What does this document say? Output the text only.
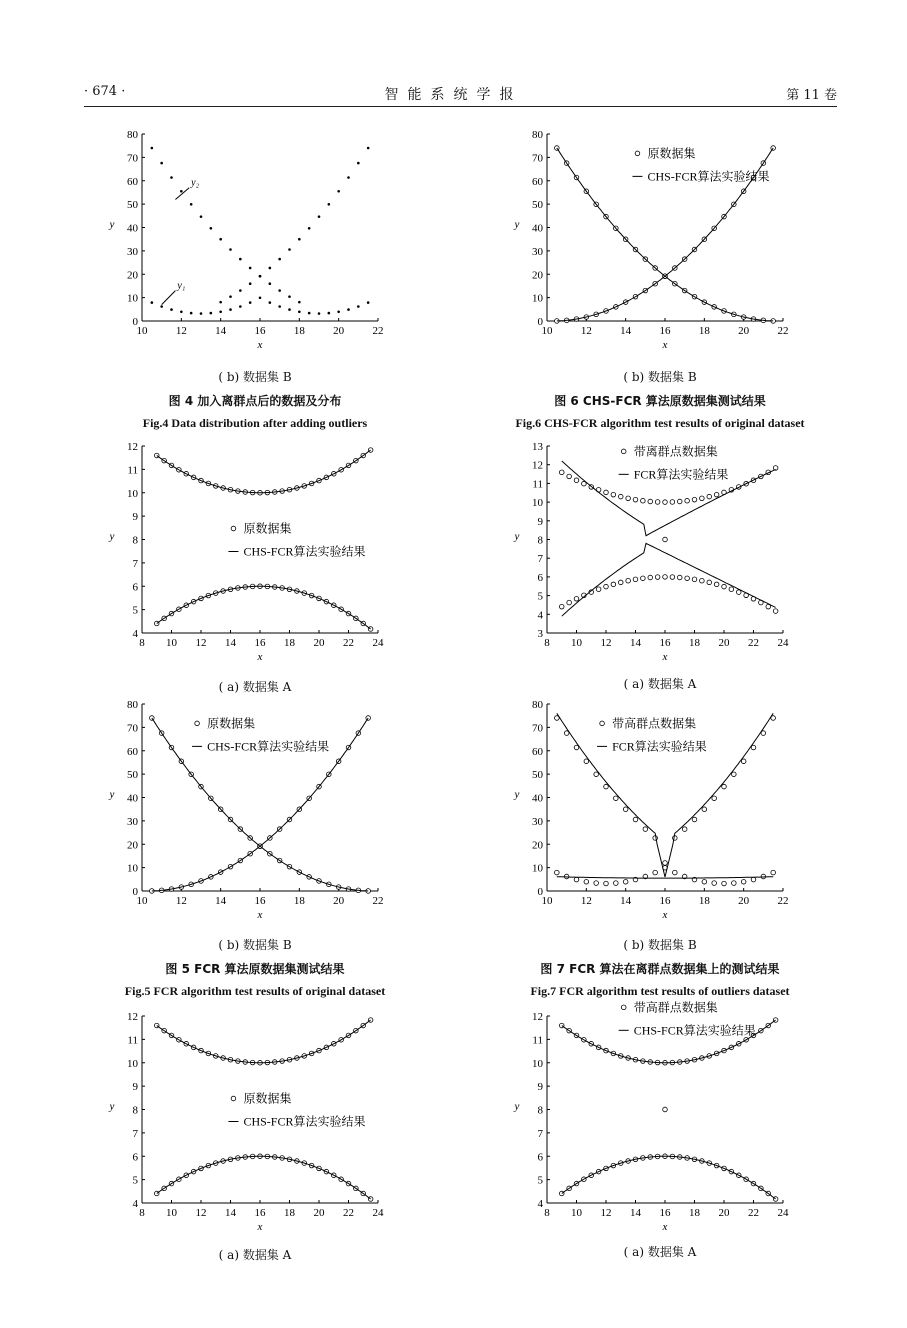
· 674 ·	智能系统学报	第 11 卷
10	12	14	16	18	20	22
0
10
20
30
40
50
60
70
80
x
y
y₂
y₁
10	12	14	16	18	20	22
0
10
20
30
40
50
60
70
80
x
y
原数据集
CHS-FCR算法实验结果
8 10 12 14 16 18 20 22 24
4
5
6
7
8
9
10
11
12
x
y
原数据集
CHS-FCR算法实验结果
8 10 12 14 16 18 20 22 24
3
4
5
6
7
8
9
10
11
12
13
x
y
带离群点数据集
FCR算法实验结果
10	12	14	16	18	20	22
0
10
20
30
40
50
60
70
80
x
y
原数据集
CHS-FCR算法实验结果
10	12	14	16	18	20	22
0
10
20
30
40
50
60
70
80
x
y
带高群点数据集
FCR算法实验结果
8 10 12 14 16 18 20 22 24
4
5
6
7
8
9
10
11
12
x
y
原数据集
CHS-FCR算法实验结果
8 10 12 14 16 18 20 22 24
4
5
6
7
8
9
10
11
12
x
y
带高群点数据集
CHS-FCR算法实验结果
( b) 数据集 B
图 4 加入离群点后的数据及分布
Fig.4 Data distribution after adding outliers
( b) 数据集 B
图 6 CHS-FCR 算法原数据集测试结果
Fig.6 CHS-FCR algorithm test results of original dataset
( a) 数据集 A	( a) 数据集 A
( b) 数据集 B
图 5 FCR 算法原数据集测试结果
Fig.5 FCR algorithm test results of original dataset
( b) 数据集 B
图 7 FCR 算法在离群点数据集上的测试结果
Fig.7 FCR algorithm test results of outliers dataset
( a) 数据集 A	( a) 数据集 A
